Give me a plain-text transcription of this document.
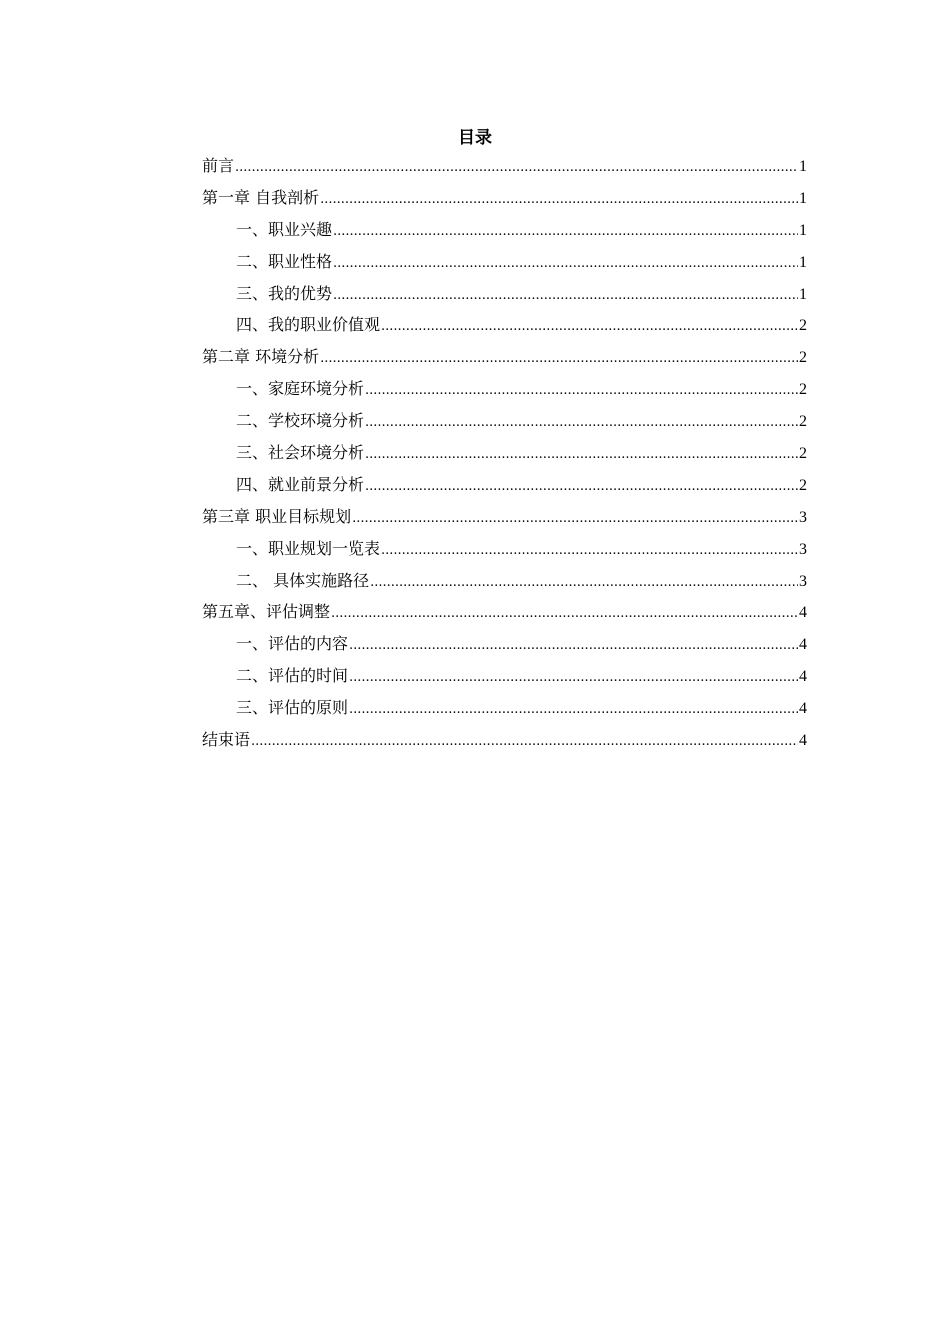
目录
前言 .....	1
第一章 自我剖析 .....	1
一、职业兴趣 .....	1
二、职业性格 .....	1
三、我的优势 .....	1
四、我的职业价值观 .....	2
第二章 环境分析 .....	2
一、家庭环境分析 .....	2
二、学校环境分析 .....	2
三、社会环境分析 .....	2
四、就业前景分析 .....	2
第三章 职业目标规划 .....	3
一、职业规划一览表 .....	3
二、 具体实施路径 .....	3
第五章、评估调整 .....	4
一、评估的内容 .....	4
二、评估的时间 .....	4
三、评估的原则 .....	4
结束语 .....	4
